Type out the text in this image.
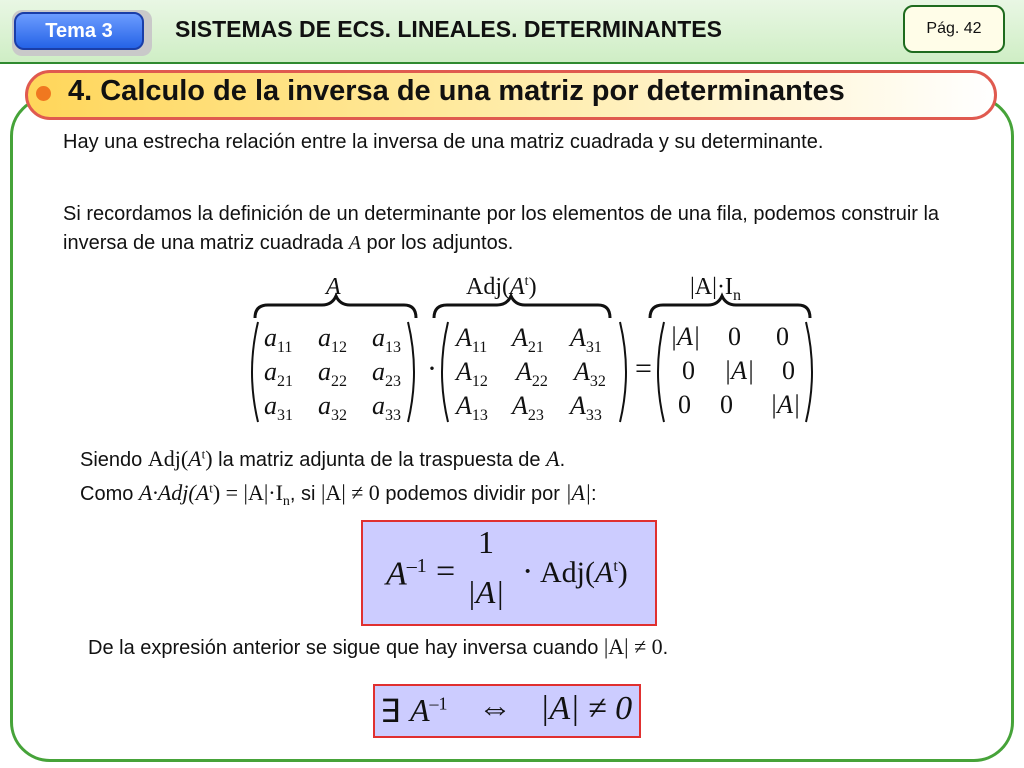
Tema 3	SISTEMAS DE ECS. LINEALES. DETERMINANTES	Pág. 42
4. Calculo de la inversa de una matriz por determinantes
Hay una estrecha relación entre la inversa de una matriz cuadrada y su determinante.
Si recordamos la definición de un determinante por los elementos de una fila, podemos construir la inversa de una matriz cuadrada A por los adjuntos.
A	$Adj(A^t)$	$|A|\cdot I_n$
$a_{11}$ $a_{12}$ $a_{13}$
$a_{21}$ $a_{22}$ $a_{23}$
$a_{31}$ $a_{32}$ $a_{33}$
·
$A_{11}$ $A_{21}$ $A_{31}$
$A_{12}$ $A_{22}$ $A_{32}$
$A_{13}$ $A_{23}$ $A_{33}$
=
|A| 0 0
0 |A| 0
0 0 |A|
Siendo $Adj(A^t)$ la matriz adjunta de la traspuesta de A.
Como $A\cdot Adj(A^t) = |A|\cdot I_n$, si |A| ≠ 0 podemos dividir por |A|:
$A^{-1}$ =
1
|A|
· $Adj(A^t)$
De la expresión anterior se sigue que hay inversa cuando |A| ≠ 0.
∃ $A^{-1}$ ⇔ |A| ≠ 0
